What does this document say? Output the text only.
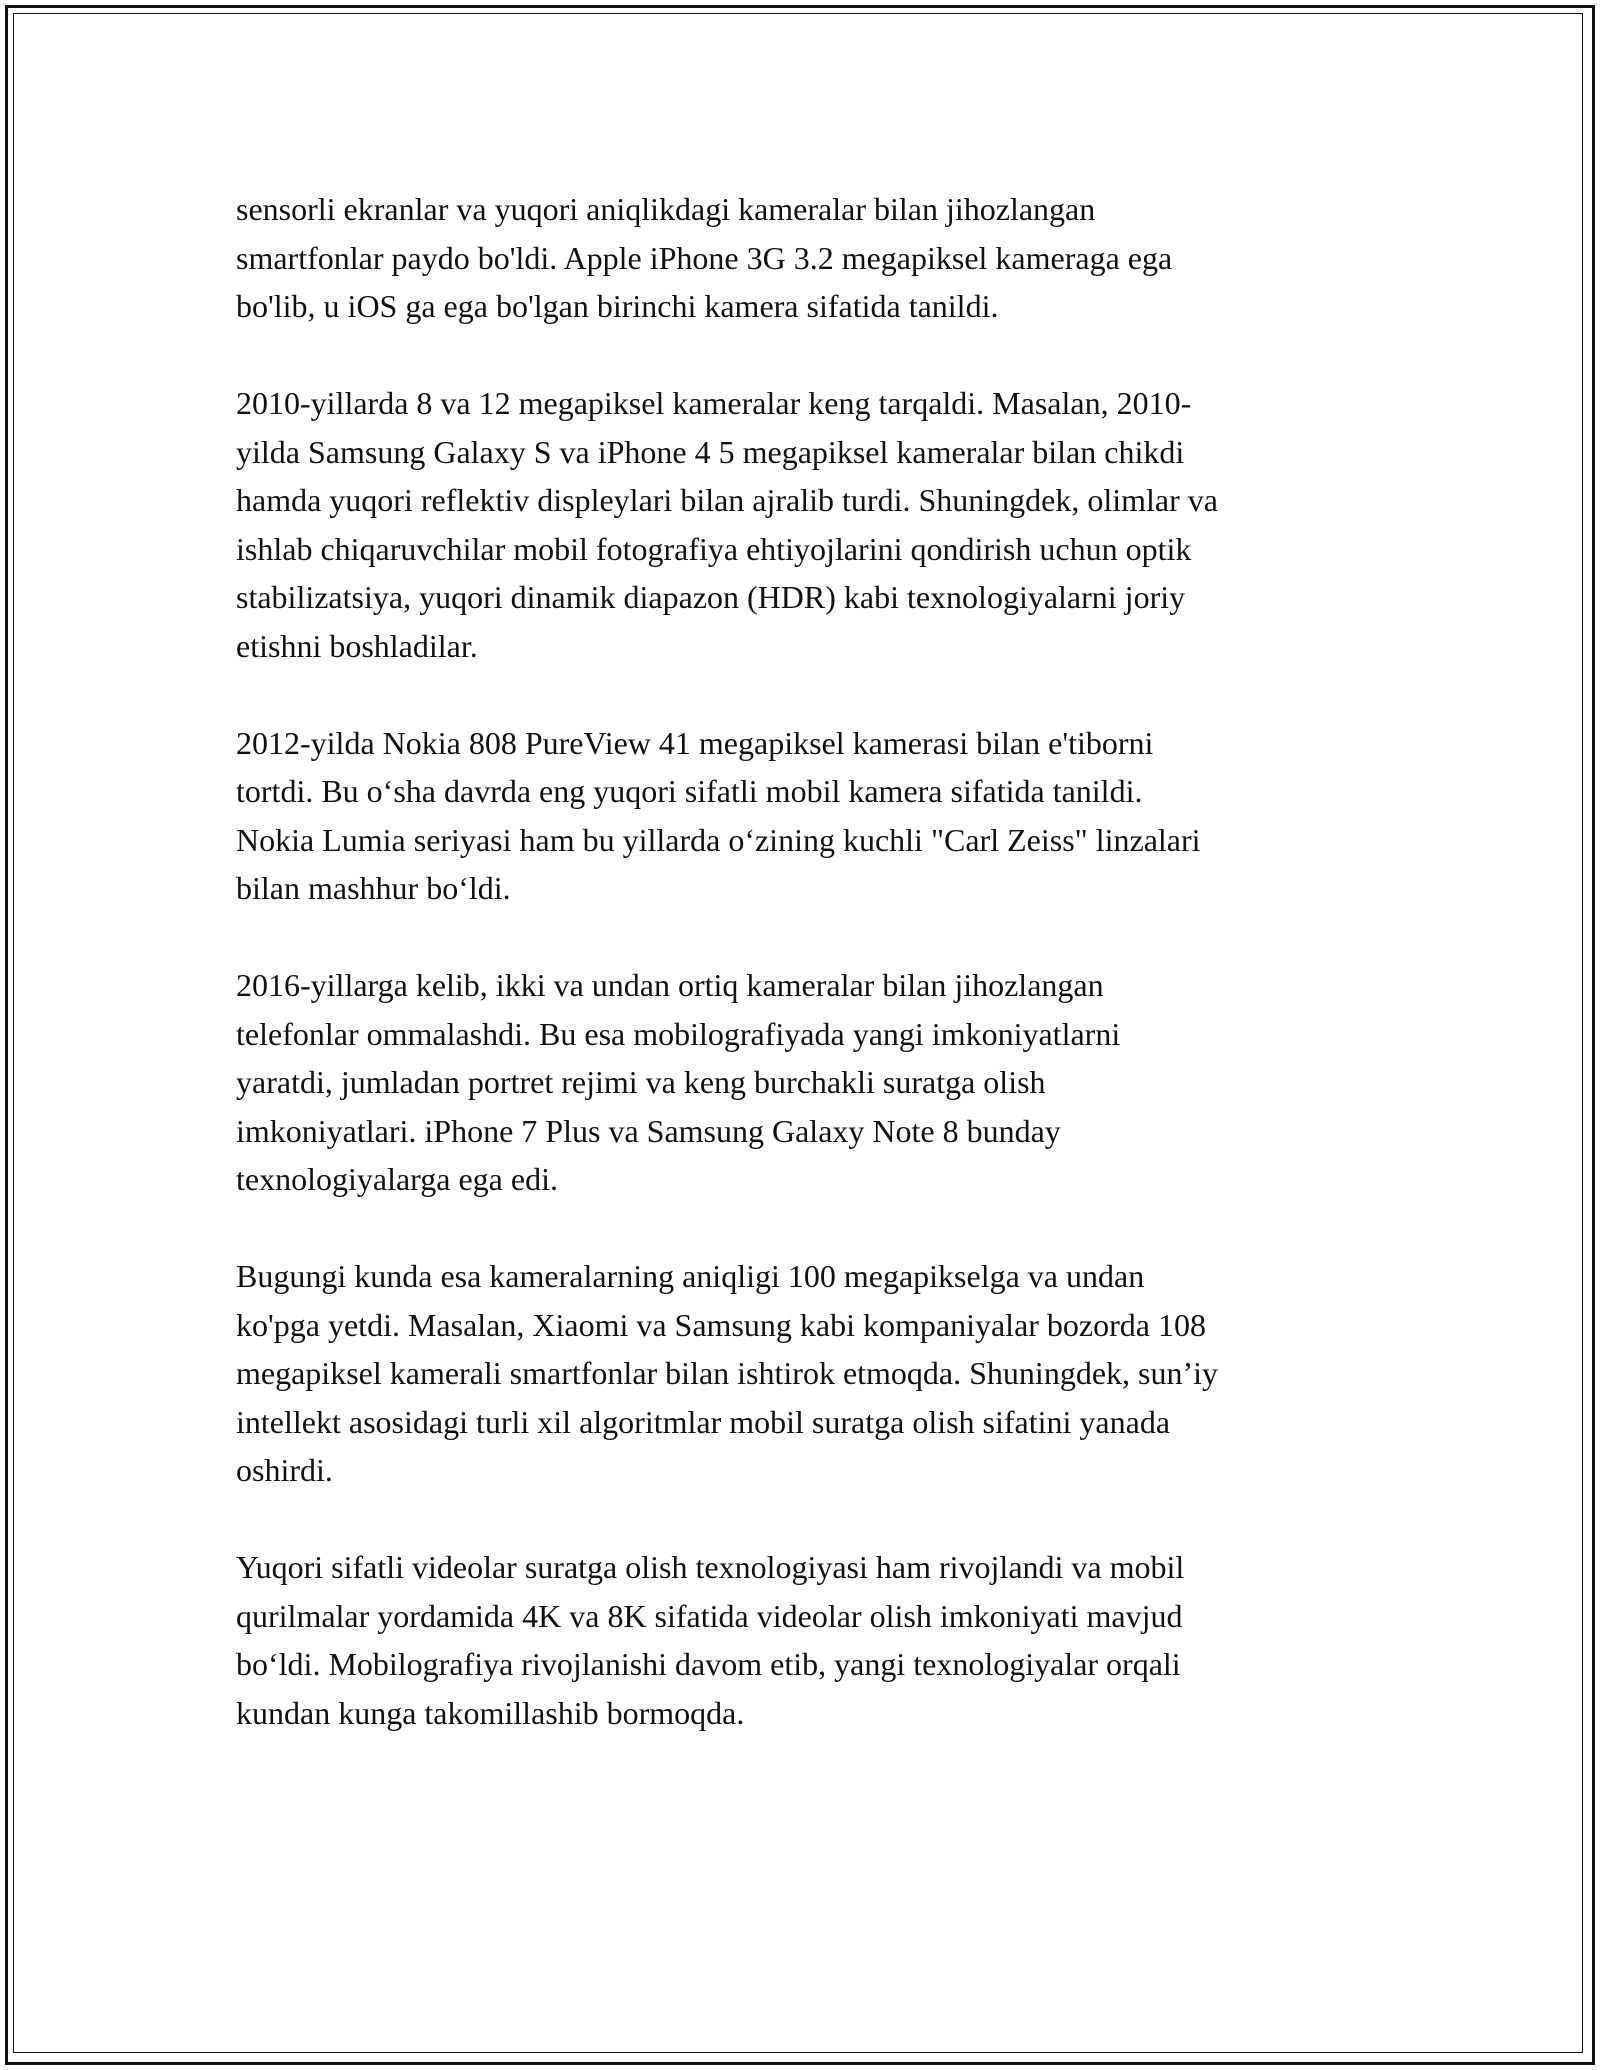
sensorli ekranlar va yuqori aniqlikdagi kameralar bilan jihozlangan
smartfonlar paydo bo'ldi. Apple iPhone 3G 3.2 megapiksel kameraga ega
bo'lib, u iOS ga ega bo'lgan birinchi kamera sifatida tanildi.

2010-yillarda 8 va 12 megapiksel kameralar keng tarqaldi. Masalan, 2010-
yilda Samsung Galaxy S va iPhone 4 5 megapiksel kameralar bilan chikdi
hamda yuqori reflektiv displeylari bilan ajralib turdi. Shuningdek, olimlar va
ishlab chiqaruvchilar mobil fotografiya ehtiyojlarini qondirish uchun optik
stabilizatsiya, yuqori dinamik diapazon (HDR) kabi texnologiyalarni joriy
etishni boshladilar.

2012-yilda Nokia 808 PureView 41 megapiksel kamerasi bilan e'tiborni
tortdi. Bu o‘sha davrda eng yuqori sifatli mobil kamera sifatida tanildi.
Nokia Lumia seriyasi ham bu yillarda o‘zining kuchli "Carl Zeiss" linzalari
bilan mashhur bo‘ldi.

2016-yillarga kelib, ikki va undan ortiq kameralar bilan jihozlangan
telefonlar ommalashdi. Bu esa mobilografiyada yangi imkoniyatlarni
yaratdi, jumladan portret rejimi va keng burchakli suratga olish
imkoniyatlari. iPhone 7 Plus va Samsung Galaxy Note 8 bunday
texnologiyalarga ega edi.

Bugungi kunda esa kameralarning aniqligi 100 megapikselga va undan
ko'pga yetdi. Masalan, Xiaomi va Samsung kabi kompaniyalar bozorda 108
megapiksel kamerali smartfonlar bilan ishtirok etmoqda. Shuningdek, sun’iy
intellekt asosidagi turli xil algoritmlar mobil suratga olish sifatini yanada
oshirdi.

Yuqori sifatli videolar suratga olish texnologiyasi ham rivojlandi va mobil
qurilmalar yordamida 4K va 8K sifatida videolar olish imkoniyati mavjud
bo‘ldi. Mobilografiya rivojlanishi davom etib, yangi texnologiyalar orqali
kundan kunga takomillashib bormoqda.
